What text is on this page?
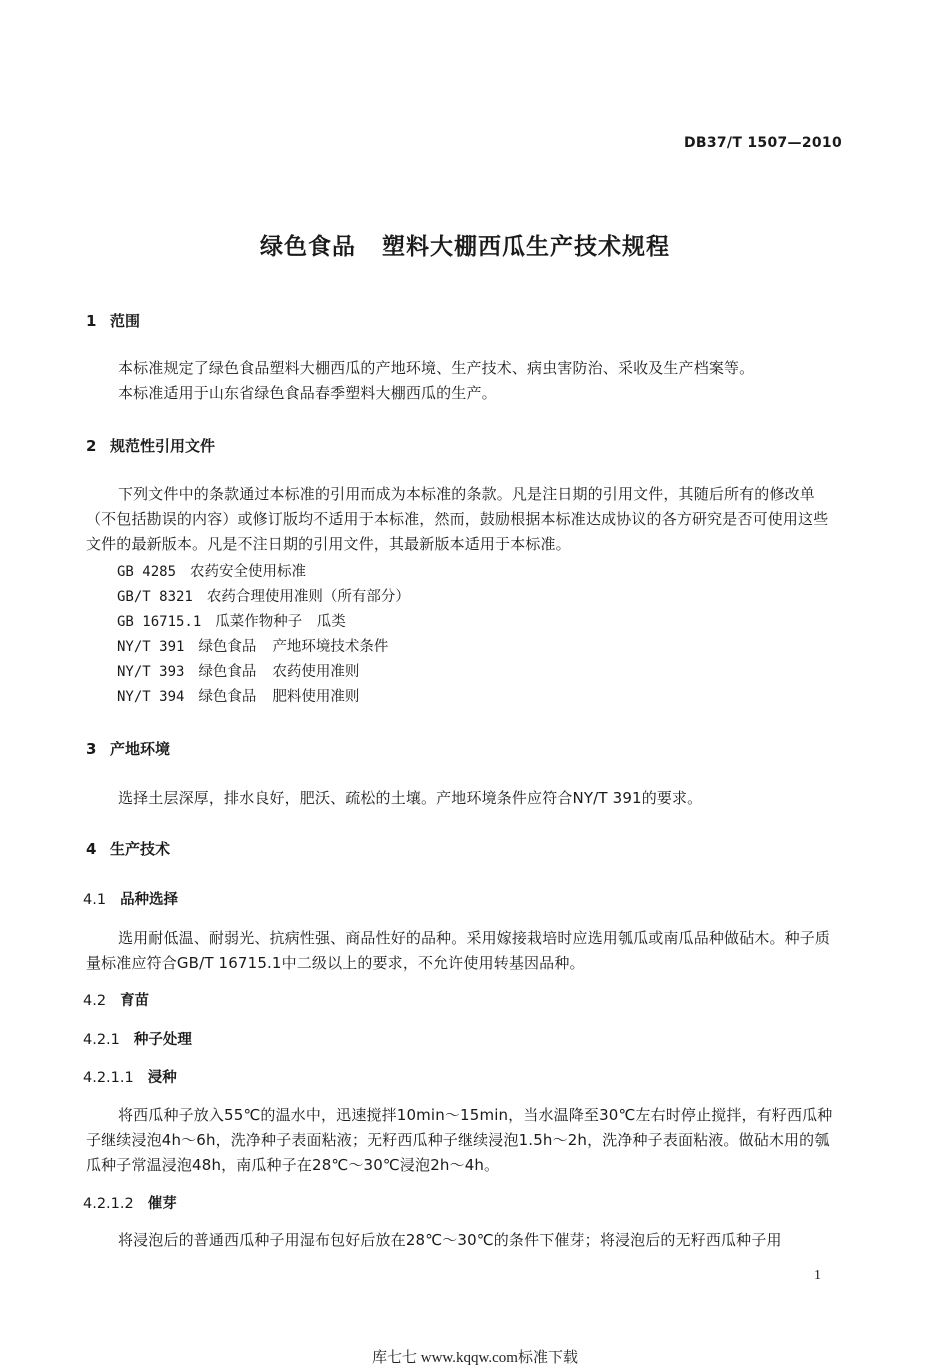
DB37/T 1507—2010
绿色食品 塑料大棚西瓜生产技术规程
1 范围
本标准规定了绿色食品塑料大棚西瓜的产地环境、生产技术、病虫害防治、采收及生产档案等。
本标准适用于山东省绿色食品春季塑料大棚西瓜的生产。
2 规范性引用文件
下列文件中的条款通过本标准的引用而成为本标准的条款。凡是注日期的引用文件，其随后所有的修改单（不包括勘误的内容）或修订版均不适用于本标准，然而，鼓励根据本标准达成协议的各方研究是否可使用这些文件的最新版本。凡是不注日期的引用文件，其最新版本适用于本标准。
GB 4285 农药安全使用标准
GB/T 8321 农药合理使用准则（所有部分）
GB 16715.1 瓜菜作物种子　瓜类
NY/T 391 绿色食品 产地环境技术条件
NY/T 393 绿色食品 农药使用准则
NY/T 394 绿色食品 肥料使用准则
3 产地环境
选择土层深厚，排水良好，肥沃、疏松的土壤。产地环境条件应符合NY/T 391的要求。
4 生产技术
4.1 品种选择
选用耐低温、耐弱光、抗病性强、商品性好的品种。采用嫁接栽培时应选用瓠瓜或南瓜品种做砧木。种子质量标准应符合GB/T 16715.1中二级以上的要求，不允许使用转基因品种。
4.2 育苗
4.2.1 种子处理
4.2.1.1 浸种
将西瓜种子放入55℃的温水中，迅速搅拌10min～15min，当水温降至30℃左右时停止搅拌，有籽西瓜种子继续浸泡4h～6h，洗净种子表面粘液；无籽西瓜种子继续浸泡1.5h～2h，洗净种子表面粘液。做砧木用的瓠瓜种子常温浸泡48h，南瓜种子在28℃～30℃浸泡2h～4h。
4.2.1.2 催芽
将浸泡后的普通西瓜种子用湿布包好后放在28℃～30℃的条件下催芽；将浸泡后的无籽西瓜种子用
1
库七七 www.kqqw.com标准下载
